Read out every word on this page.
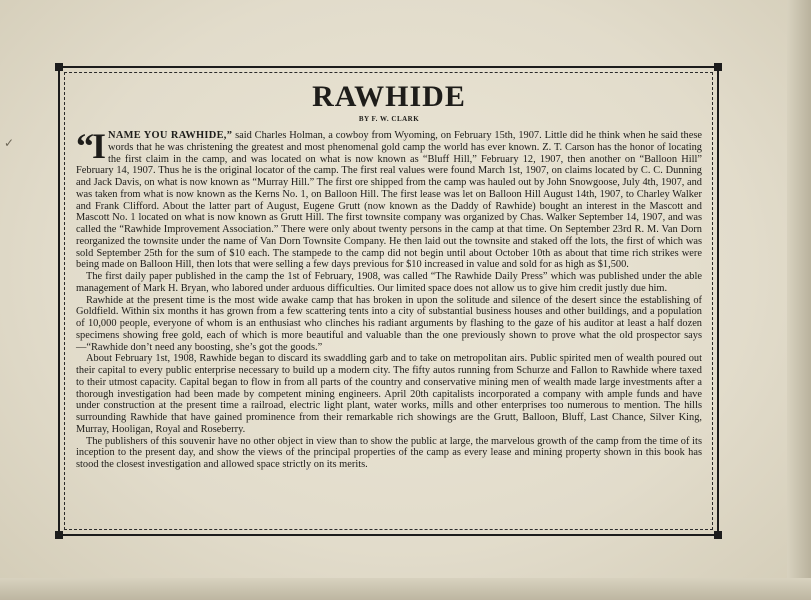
✓
RAWHIDE
BY F. W. CLARK

“INAME YOU RAWHIDE,” said Charles Holman, a cowboy from Wyoming, on February 15th, 1907. Little did he think when he said these words that he was christening the greatest and most phenomenal gold camp the world has ever known. Z. T. Carson has the honor of locating the first claim in the camp, and was located on what is now known as “Bluff Hill,” February 12, 1907, then another on “Balloon Hill” February 14, 1907. Thus he is the original locator of the camp. The first real values were found March 1st, 1907, on claims located by C. C. Dunning and Jack Davis, on what is now known as “Murray Hill.” The first ore shipped from the camp was hauled out by John Snowgoose, July 4th, 1907, and was taken from what is now known as the Kerns No. 1, on Balloon Hill. The first lease was let on Balloon Hill August 14th, 1907, to Charley Walker and Frank Clifford. About the latter part of August, Eugene Grutt (now known as the Daddy of Rawhide) bought an interest in the Mascott and Mascott No. 1 located on what is now known as Grutt Hill. The first townsite company was organized by Chas. Walker September 14, 1907, and was called the “Rawhide Improvement Association.” There were only about twenty persons in the camp at that time. On September 23rd R. M. Van Dorn reorganized the townsite under the name of Van Dorn Townsite Company. He then laid out the townsite and staked off the lots, the first of which was sold September 25th for the sum of $10 each. The stampede to the camp did not begin until about October 10th as about that time rich strikes were being made on Balloon Hill, then lots that were selling a few days previous for $10 increased in value and sold for as high as $1,500.

The first daily paper published in the camp the 1st of February, 1908, was called “The Rawhide Daily Press” which was published under the able management of Mark H. Bryan, who labored under arduous difficulties. Our limited space does not allow us to give him credit justly due him.

Rawhide at the present time is the most wide awake camp that has broken in upon the solitude and silence of the desert since the establishing of Goldfield. Within six months it has grown from a few scattering tents into a city of substantial business houses and other buildings, and a population of 10,000 people, everyone of whom is an enthusiast who clinches his radiant arguments by flashing to the gaze of his auditor at least a half dozen specimens showing free gold, each of which is more beautiful and valuable than the one previously shown to prove what the old prospector says—“Rawhide don’t need any boosting, she’s got the goods.”

About February 1st, 1908, Rawhide began to discard its swaddling garb and to take on metropolitan airs. Public spirited men of wealth poured out their capital to every public enterprise necessary to build up a modern city. The fifty autos running from Schurze and Fallon to Rawhide where taxed to their utmost capacity. Capital began to flow in from all parts of the country and conservative mining men of wealth made large investments after a thorough investigation had been made by competent mining engineers. April 20th capitalists incorporated a company with ample funds and have under construction at the present time a railroad, electric light plant, water works, mills and other enterprises too numerous to mention. The hills surrounding Rawhide that have gained prominence from their remarkable rich showings are the Grutt, Balloon, Bluff, Last Chance, Silver King, Murray, Hooligan, Royal and Roseberry.

The publishers of this souvenir have no other object in view than to show the public at large, the marvelous growth of the camp from the time of its inception to the present day, and show the views of the principal properties of the camp as every lease and mining property shown in this book has stood the closest investigation and allowed space strictly on its merits.
